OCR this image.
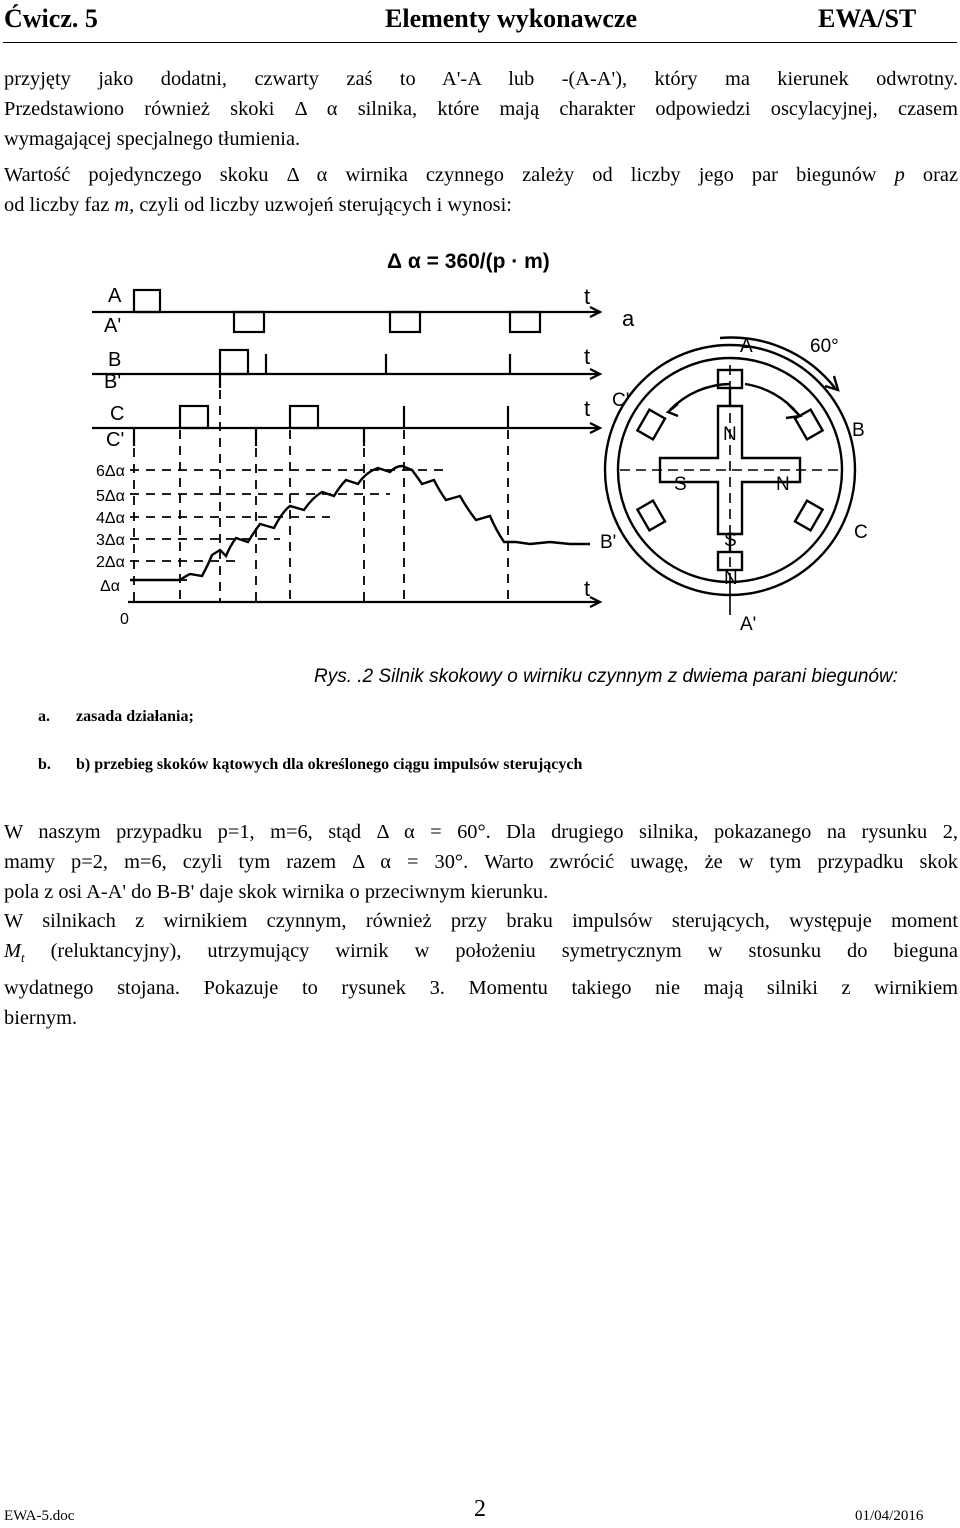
Ćwicz. 5	Elementy wykonawcze	EWA/ST
przyjęty jako dodatni, czwarty zaś to A'-A lub -(A-A'), który ma kierunek odwrotny.
Przedstawiono również skoki Δ α silnika, które mają charakter odpowiedzi oscylacyjnej, czasem
wymagającej specjalnego tłumienia.
Wartość pojedynczego skoku Δ α wirnika czynnego zależy od liczby jego par biegunów p oraz
od liczby faz m, czyli od liczby uzwojeń sterujących i wynosi:
Δ α = 360/(p · m)
A
A'
B
B'
C
C'
6Δα
5Δα
4Δα
3Δα
2Δα
Δα
0
t
t
t
t
a
A	60°
B
C
C'
B'
A'
N
N
S
S
N
Rys. .2 Silnik skokowy o wirniku czynnym z dwiema parani biegunów:
a. zasada działania;
b. b) przebieg skoków kątowych dla określonego ciągu impulsów sterujących
W naszym przypadku p=1, m=6, stąd Δ α = 60°. Dla drugiego silnika, pokazanego na rysunku 2,
mamy p=2, m=6, czyli tym razem Δ α = 30°. Warto zwrócić uwagę, że w tym przypadku skok
pola z osi A-A' do B-B' daje skok wirnika o przeciwnym kierunku.
W silnikach z wirnikiem czynnym, również przy braku impulsów sterujących, występuje moment
$M_t$ (reluktancyjny), utrzymujący wirnik w położeniu symetrycznym w stosunku do bieguna
wydatnego stojana. Pokazuje to rysunek 3. Momentu takiego nie mają silniki z wirnikiem
biernym.
EWA-5.doc	2	01/04/2016
